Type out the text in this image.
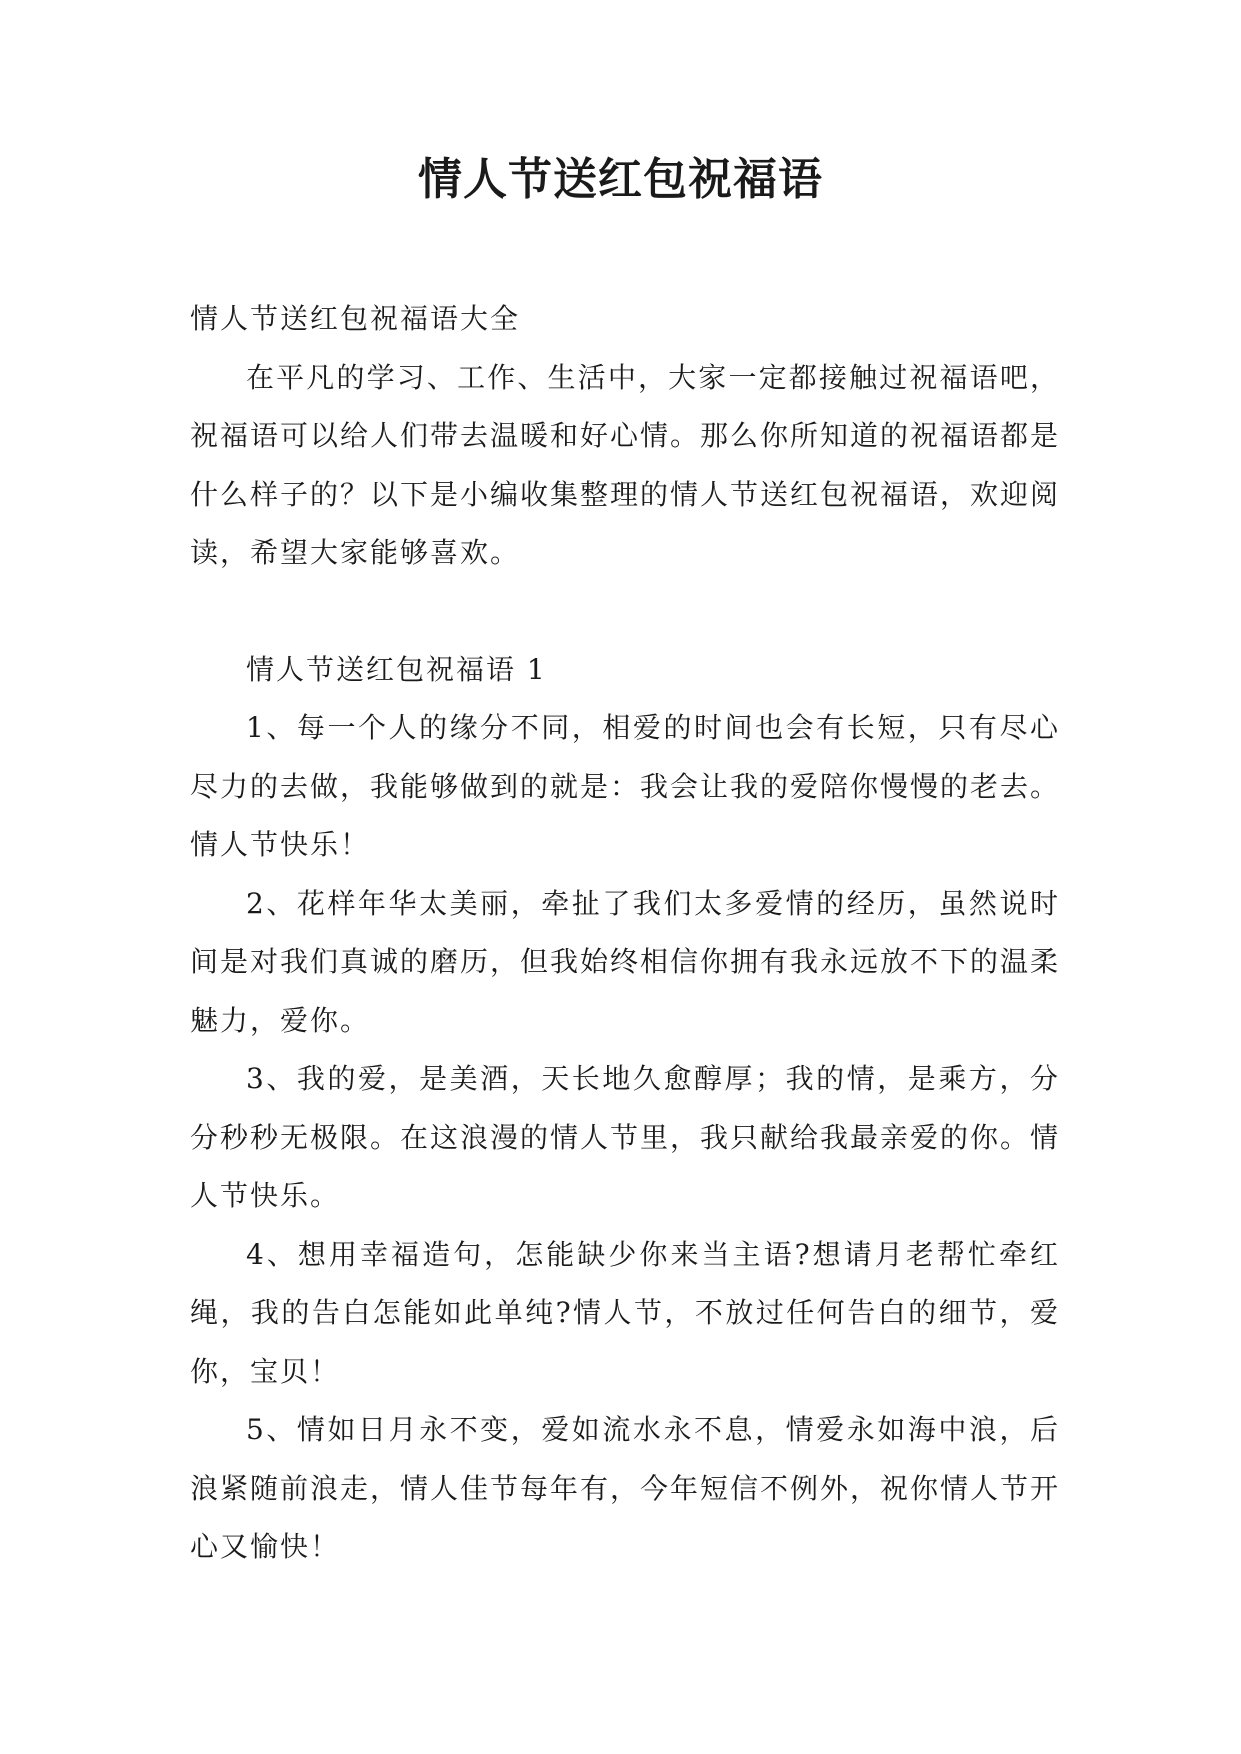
情人节送红包祝福语

情人节送红包祝福语大全

在平凡的学习、工作、生活中，大家一定都接触过祝福语吧，祝福语可以给人们带去温暖和好心情。那么你所知道的祝福语都是什么样子的？以下是小编收集整理的情人节送红包祝福语，欢迎阅读，希望大家能够喜欢。

情人节送红包祝福语 1

1、每一个人的缘分不同，相爱的时间也会有长短，只有尽心尽力的去做，我能够做到的就是：我会让我的爱陪你慢慢的老去。情人节快乐！

2、花样年华太美丽，牵扯了我们太多爱情的经历，虽然说时间是对我们真诚的磨历，但我始终相信你拥有我永远放不下的温柔魅力，爱你。

3、我的爱，是美酒，天长地久愈醇厚；我的情，是乘方，分分秒秒无极限。在这浪漫的情人节里，我只献给我最亲爱的你。情人节快乐。

4、想用幸福造句，怎能缺少你来当主语?想请月老帮忙牵红绳，我的告白怎能如此单纯?情人节，不放过任何告白的细节，爱你，宝贝！

5、情如日月永不变，爱如流水永不息，情爱永如海中浪，后浪紧随前浪走，情人佳节每年有，今年短信不例外，祝你情人节开心又愉快！
